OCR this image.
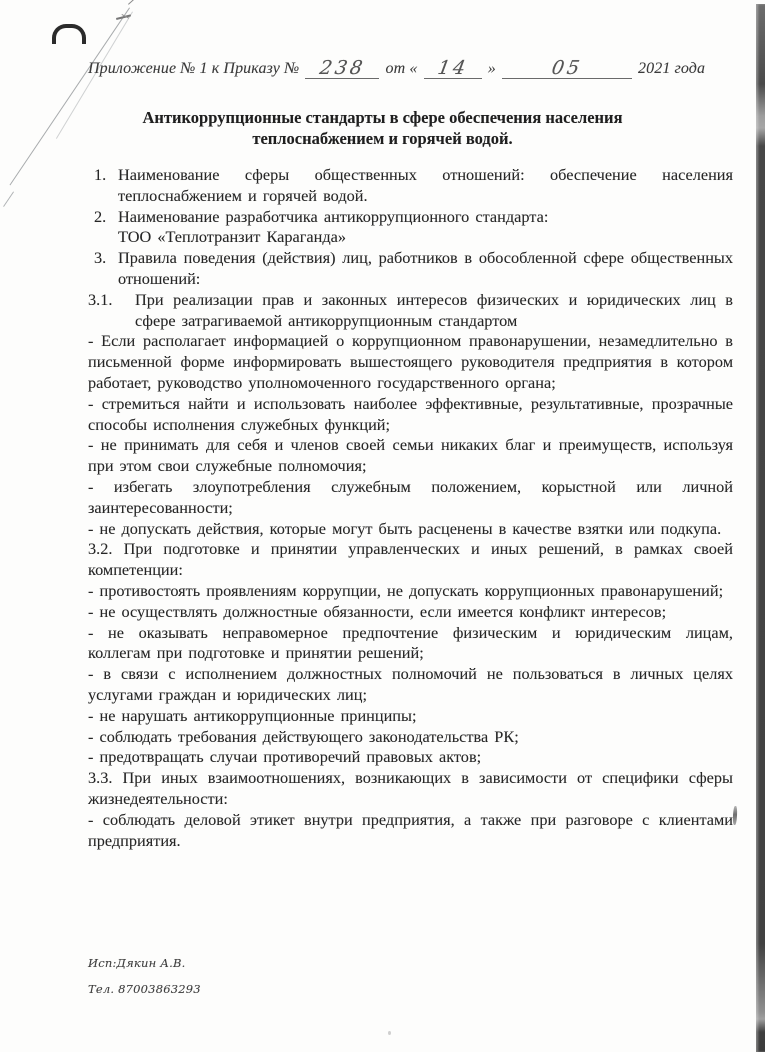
Приложение № 1 к Приказу № 238 от « 14 »	05	2021 года
Антикоррупционные стандарты в сфере обеспечения населения
теплоснабжением и горячей водой.
1. Наименование сферы общественных отношений: обеспечение населения теплоснабжением и горячей водой.
2. Наименование разработчика антикоррупционного стандарта:
ТОО «Теплотранзит Караганда»
3. Правила поведения (действия) лиц, работников в обособленной сфере общественных отношений:

3.1. При реализации прав и законных интересов физических и юридических лиц в сфере затрагиваемой антикоррупционным стандартом

- Если располагает информацией о коррупционном правонарушении, незамедлительно в письменной форме информировать вышестоящего руководителя предприятия в котором работает, руководство уполномоченного государственного органа;

- стремиться найти и использовать наиболее эффективные, результативные, прозрачные способы исполнения служебных функций;

- не принимать для себя и членов своей семьи никаких благ и преимуществ, используя при этом свои служебные полномочия;

- избегать злоупотребления служебным положением, корыстной или личной заинтересованности;

- не допускать действия, которые могут быть расценены в качестве взятки или подкупа.

3.2. При подготовке и принятии управленческих и иных решений, в рамках своей компетенции:

- противостоять проявлениям коррупции, не допускать коррупционных правонарушений;

- не осуществлять должностные обязанности, если имеется конфликт интересов;

- не оказывать неправомерное предпочтение физическим и юридическим лицам, коллегам при подготовке и принятии решений;

- в связи с исполнением должностных полномочий не пользоваться в личных целях услугами граждан и юридических лиц;

- не нарушать антикоррупционные принципы;

- соблюдать требования действующего законодательства РК;

- предотвращать случаи противоречий правовых актов;

3.3. При иных взаимоотношениях, возникающих в зависимости от специфики сферы жизнедеятельности:

- соблюдать деловой этикет внутри предприятия, а также при разговоре с клиентами предприятия.

Исп:Дякин А.В.
Тел. 87003863293
